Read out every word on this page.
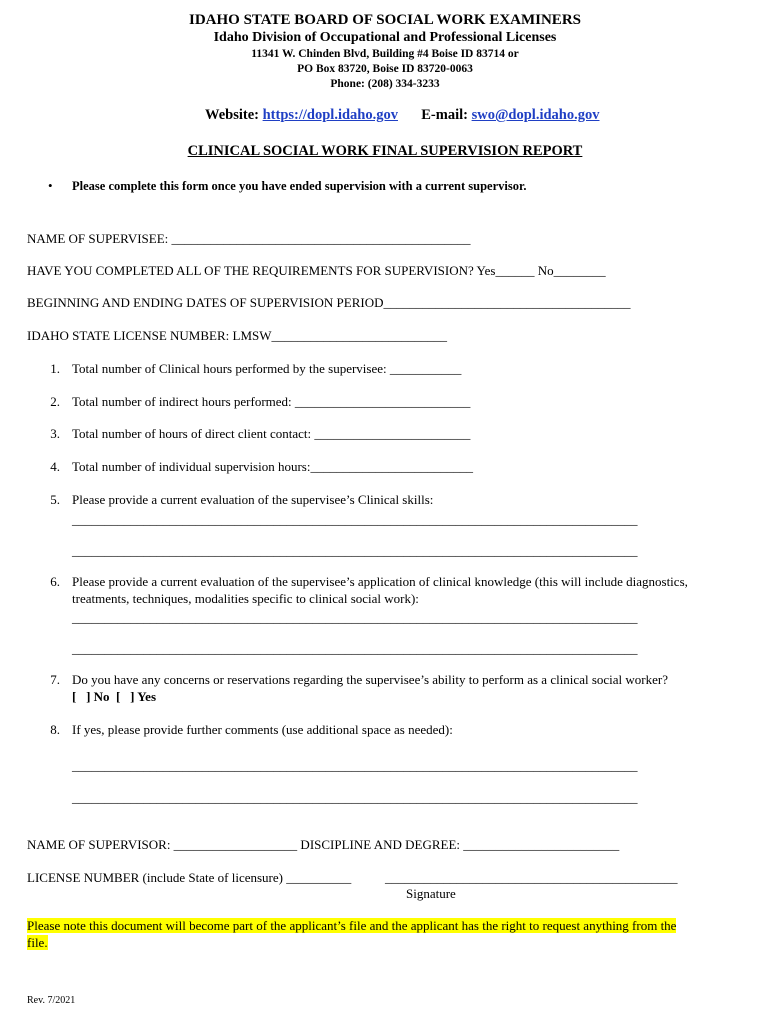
IDAHO STATE BOARD OF SOCIAL WORK EXAMINERS
Idaho Division of Occupational and Professional Licenses
11341 W. Chinden Blvd, Building #4 Boise ID 83714 or
PO Box 83720, Boise ID 83720-0063
Phone: (208) 334-3233
Website: https://dopl.idaho.gov E-mail: swo@dopl.idaho.gov
CLINICAL SOCIAL WORK FINAL SUPERVISION REPORT
• Please complete this form once you have ended supervision with a current supervisor.
NAME OF SUPERVISEE: ______________________________________________
HAVE YOU COMPLETED ALL OF THE REQUIREMENTS FOR SUPERVISION? Yes______ No________
BEGINNING AND ENDING DATES OF SUPERVISION PERIOD______________________________________
IDAHO STATE LICENSE NUMBER: LMSW___________________________
1. Total number of Clinical hours performed by the supervisee: ___________
2. Total number of indirect hours performed: ___________________________
3. Total number of hours of direct client contact: ________________________
4. Total number of individual supervision hours:_________________________
5. Please provide a current evaluation of the supervisee’s Clinical skills:
_______________________________________________________________________________________
_______________________________________________________________________________________
6. Please provide a current evaluation of the supervisee’s application of clinical knowledge (this will include diagnostics,
treatments, techniques, modalities specific to clinical social work):
_______________________________________________________________________________________
_______________________________________________________________________________________
7. Do you have any concerns or reservations regarding the supervisee’s ability to perform as a clinical social worker?
[   ] No  [   ] Yes
8. If yes, please provide further comments (use additional space as needed):
_______________________________________________________________________________________
_______________________________________________________________________________________
NAME OF SUPERVISOR: ___________________ DISCIPLINE AND DEGREE: ________________________
LICENSE NUMBER (include State of licensure) __________	_____________________________________________
Signature
Please note this document will become part of the applicant’s file and the applicant has the right to request anything from the
file.
Rev. 7/2021
